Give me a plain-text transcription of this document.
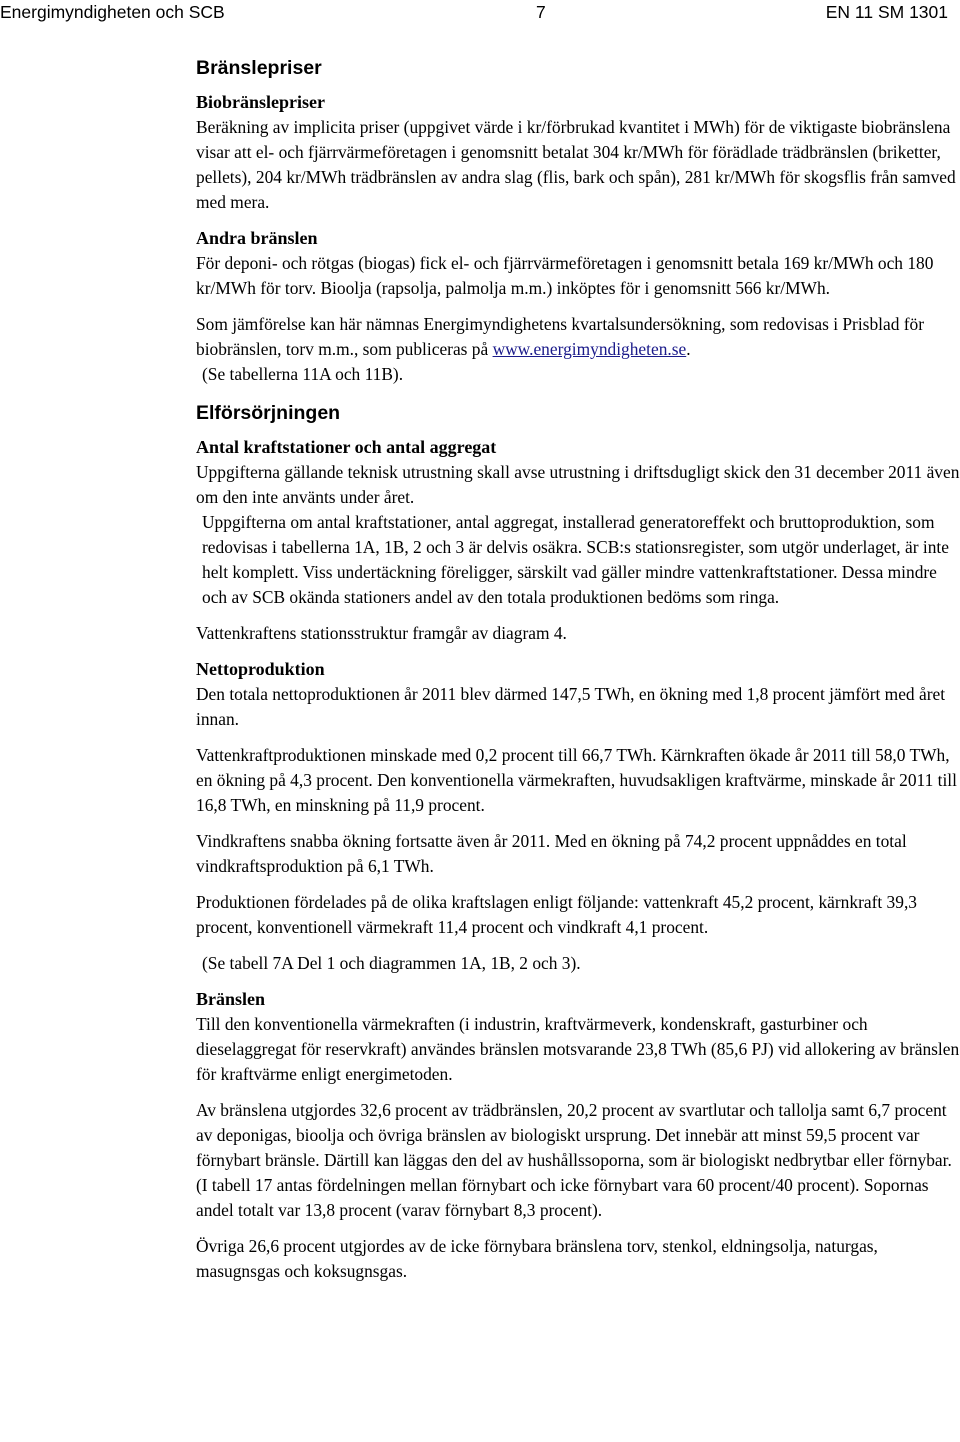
Energimyndigheten och SCB	7	EN 11 SM 1301
Bränslepriser
Biobränslepriser

Beräkning av implicita priser (uppgivet värde i kr/förbrukad kvantitet i MWh) för de viktigaste biobränslena visar att el- och fjärrvärmeföretagen i genomsnitt betalat 304 kr/MWh för förädlade trädbränslen (briketter, pellets), 204 kr/MWh trädbränslen av andra slag (flis, bark och spån), 281 kr/MWh för skogsflis från samved med mera.

Andra bränslen

För deponi- och rötgas (biogas) fick el- och fjärrvärmeföretagen i genomsnitt betala 169 kr/MWh och 180 kr/MWh för torv. Bioolja (rapsolja, palmolja m.m.) inköptes för i genomsnitt 566 kr/MWh.

Som jämförelse kan här nämnas Energimyndighetens kvartalsundersökning, som redovisas i Prisblad för biobränslen, torv m.m., som publiceras på www.energimyndigheten.se.

(Se tabellerna 11A och 11B).

Elförsörjningen
Antal kraftstationer och antal aggregat

Uppgifterna gällande teknisk utrustning skall avse utrustning i driftsdugligt skick den 31 december 2011 även om den inte använts under året.

Uppgifterna om antal kraftstationer, antal aggregat, installerad generatoreffekt och bruttoproduktion, som redovisas i tabellerna 1A, 1B, 2 och 3 är delvis osäkra. SCB:s stationsregister, som utgör underlaget, är inte helt komplett. Viss undertäckning föreligger, särskilt vad gäller mindre vattenkraftstationer. Dessa mindre och av SCB okända stationers andel av den totala produktionen bedöms som ringa.

Vattenkraftens stationsstruktur framgår av diagram 4.

Nettoproduktion

Den totala nettoproduktionen år 2011 blev därmed 147,5 TWh, en ökning med 1,8 procent jämfört med året innan.

Vattenkraftproduktionen minskade med 0,2 procent till 66,7 TWh. Kärnkraften ökade år 2011 till 58,0 TWh, en ökning på 4,3 procent. Den konventionella värmekraften, huvudsakligen kraftvärme, minskade år 2011 till 16,8 TWh, en minskning på 11,9 procent.

Vindkraftens snabba ökning fortsatte även år 2011. Med en ökning på 74,2 procent uppnåddes en total vindkraftsproduktion på 6,1 TWh.

Produktionen fördelades på de olika kraftslagen enligt följande: vattenkraft 45,2 procent, kärnkraft 39,3 procent, konventionell värmekraft 11,4 procent och vindkraft 4,1 procent.

(Se tabell 7A Del 1 och diagrammen 1A, 1B, 2 och 3).

Bränslen

Till den konventionella värmekraften (i industrin, kraftvärmeverk, kondenskraft, gasturbiner och dieselaggregat för reservkraft) användes bränslen motsvarande 23,8 TWh (85,6 PJ) vid allokering av bränslen för kraftvärme enligt energimetoden.

Av bränslena utgjordes 32,6 procent av trädbränslen, 20,2 procent av svartlutar och tallolja samt 6,7 procent av deponigas, bioolja och övriga bränslen av biologiskt ursprung. Det innebär att minst 59,5 procent var förnybart bränsle. Därtill kan läggas den del av hushållssoporna, som är biologiskt nedbrytbar eller förnybar. (I tabell 17 antas fördelningen mellan förnybart och icke förnybart vara 60 procent/40 procent). Sopornas andel totalt var 13,8 procent (varav förnybart 8,3 procent).

Övriga 26,6 procent utgjordes av de icke förnybara bränslena torv, stenkol, eldningsolja, naturgas, masugnsgas och koksugnsgas.
